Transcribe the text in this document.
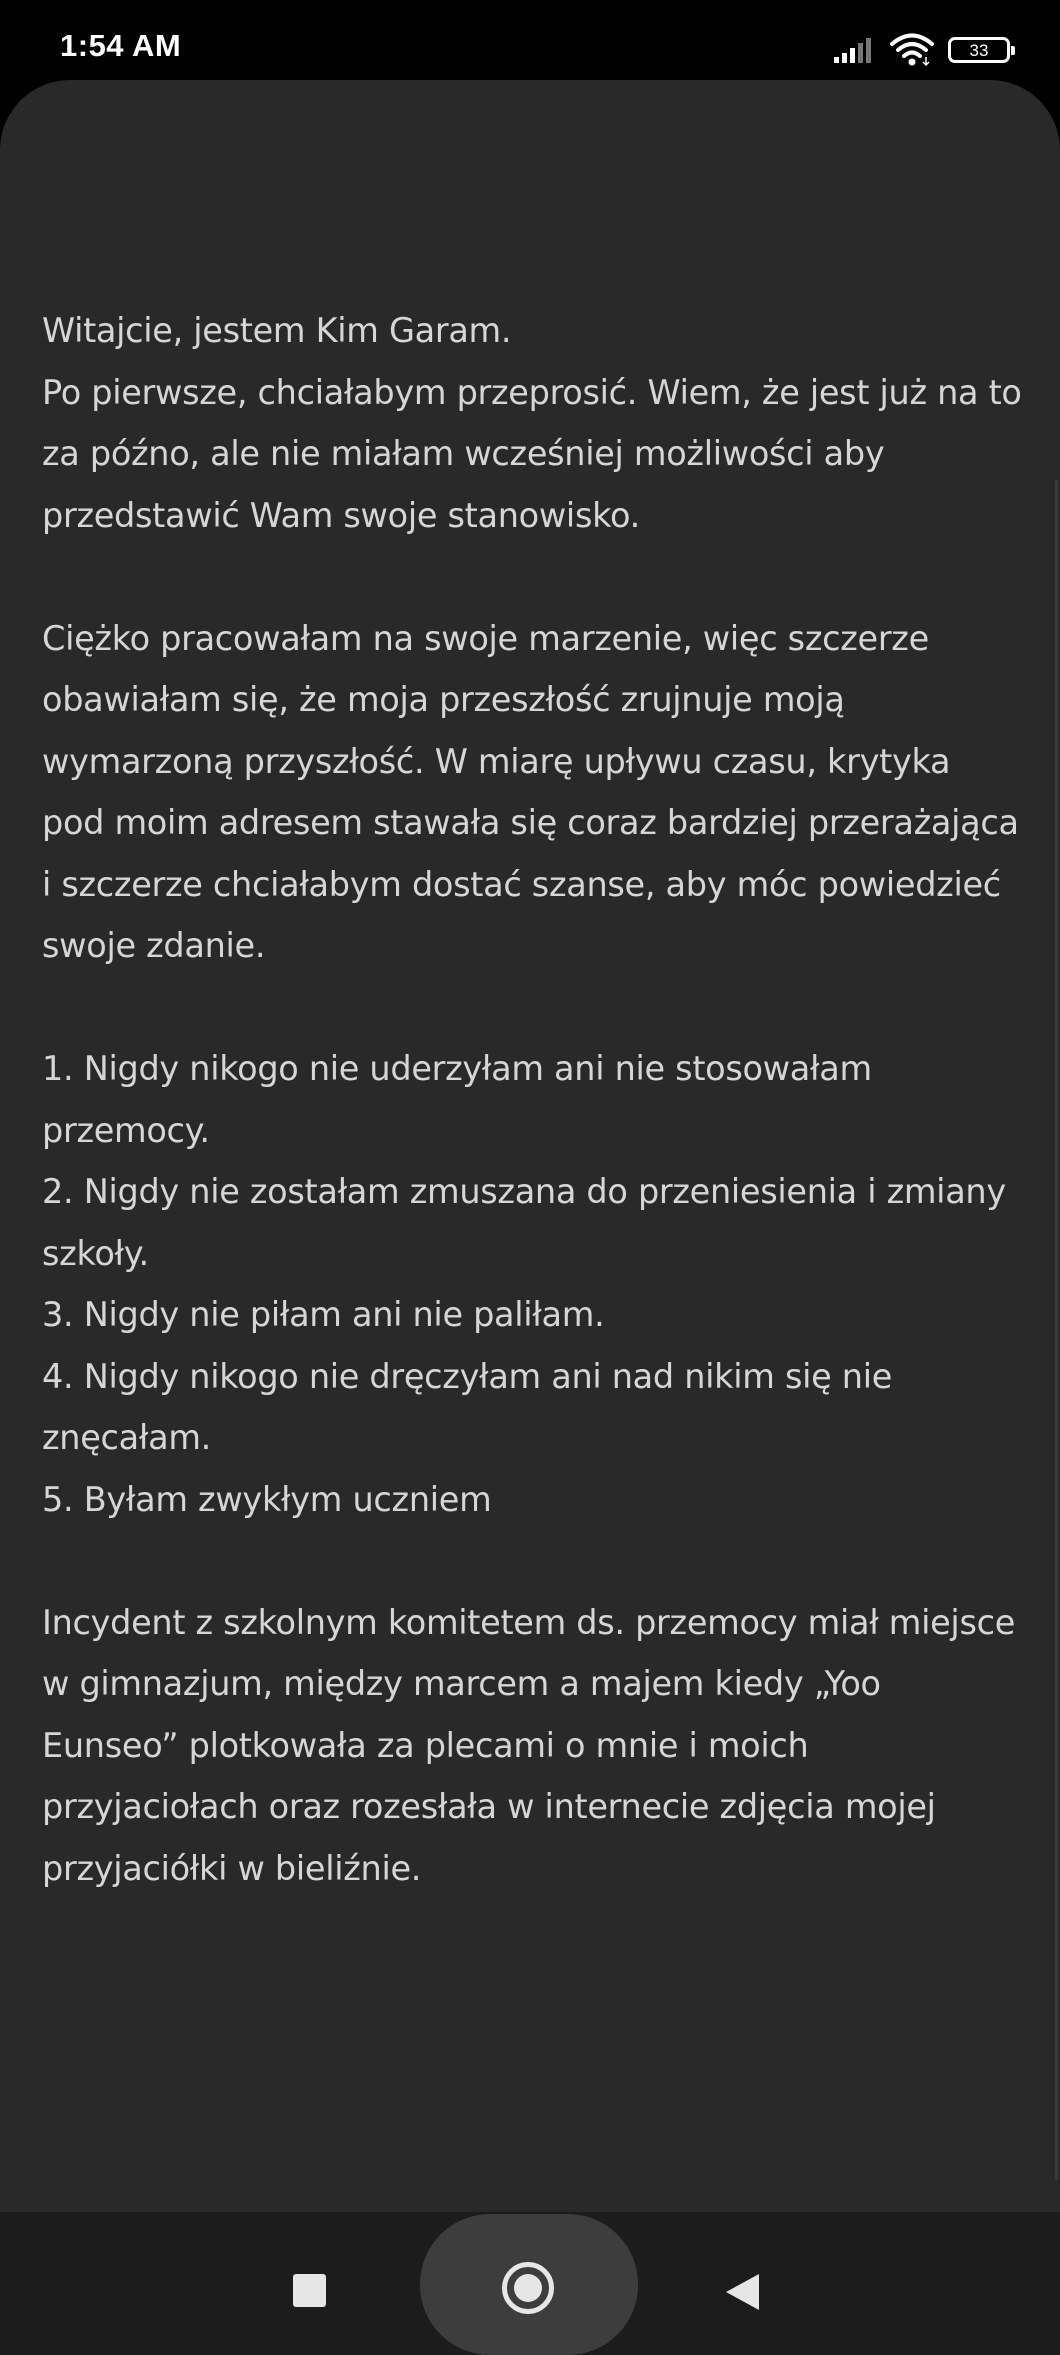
1:54 AM	33

Witajcie, jestem Kim Garam.

Po pierwsze, chciałabym przeprosić. Wiem, że jest już na to za późno, ale nie miałam wcześniej możliwości aby przedstawić Wam swoje stanowisko.

Ciężko pracowałam na swoje marzenie, więc szczerze obawiałam się, że moja przeszłość zrujnuje moją wymarzoną przyszłość. W miarę upływu czasu, krytyka pod moim adresem stawała się coraz bardziej przerażająca i szczerze chciałabym dostać szanse, aby móc powiedzieć swoje zdanie.

1. Nigdy nikogo nie uderzyłam ani nie stosowałam przemocy.

2. Nigdy nie zostałam zmuszana do przeniesienia i zmiany szkoły.

3. Nigdy nie piłam ani nie paliłam.

4. Nigdy nikogo nie dręczyłam ani nad nikim się nie znęcałam.

5. Byłam zwykłym uczniem

Incydent z szkolnym komitetem ds. przemocy miał miejsce w gimnazjum, między marcem a majem kiedy „Yoo Eunseo” plotkowała za plecami o mnie i moich przyjaciołach oraz rozesłała w internecie zdjęcia mojej przyjaciółki w bieliźnie.
